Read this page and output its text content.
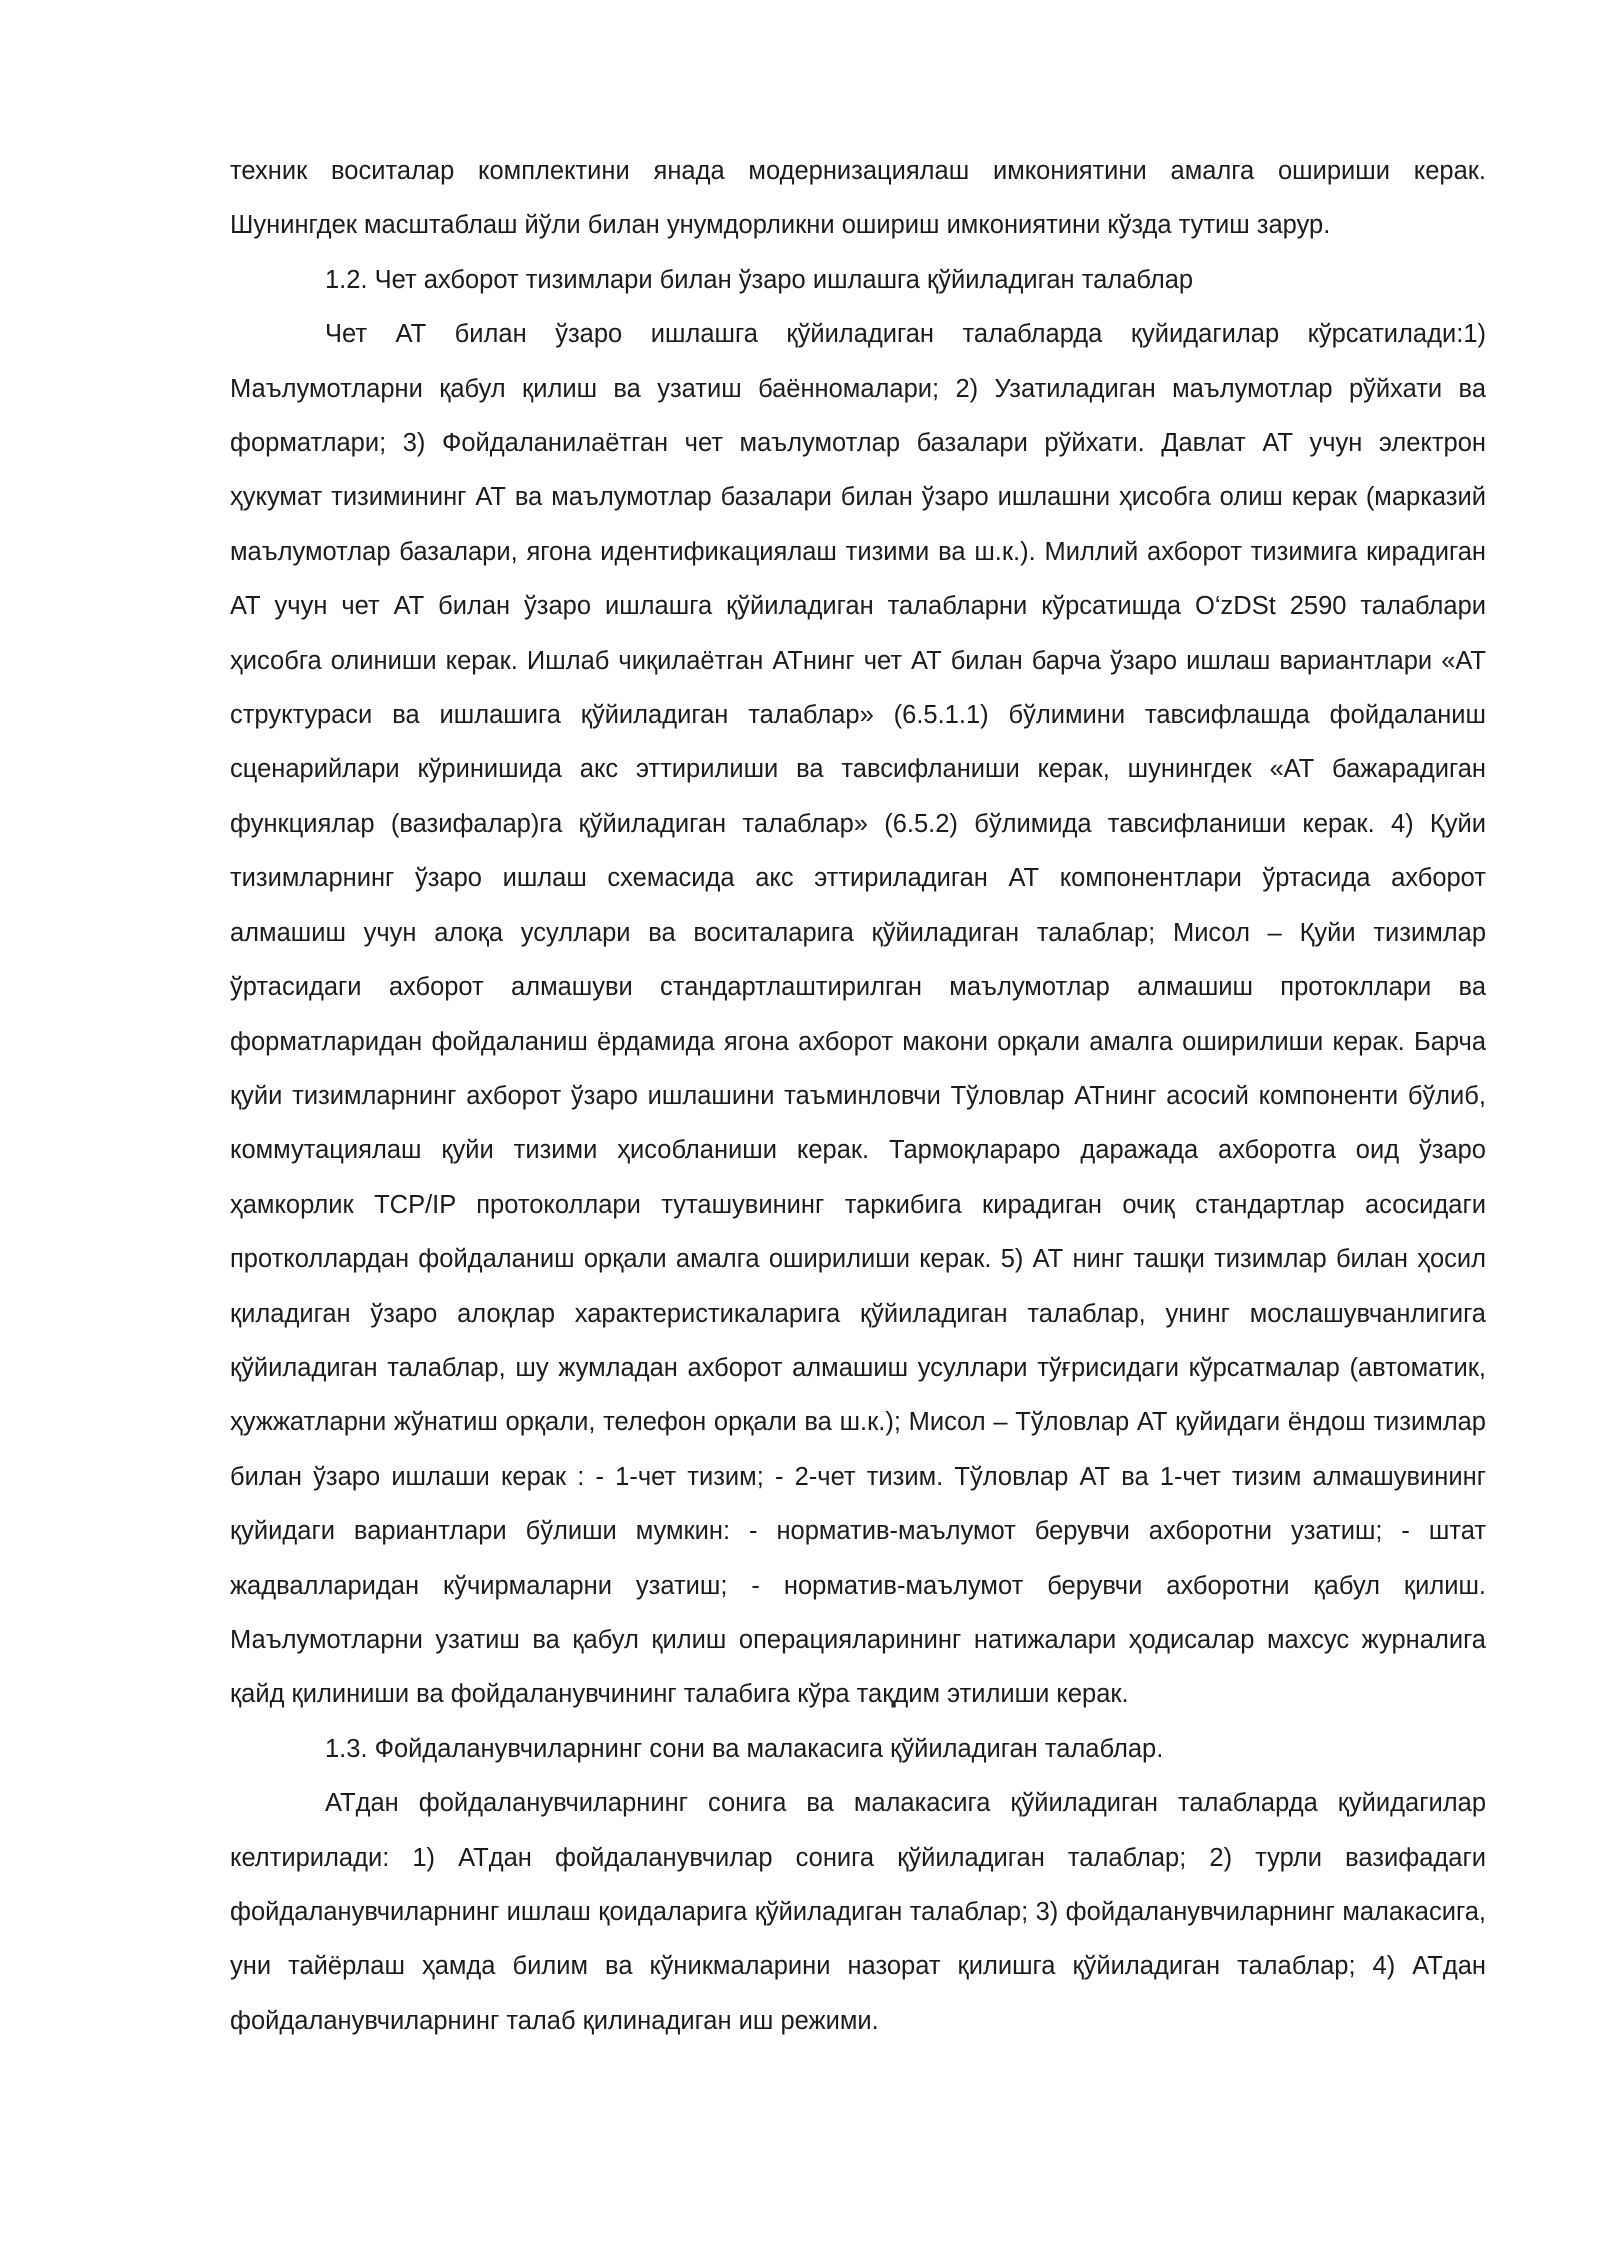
техник воситалар комплектини янада модернизациялаш имкониятини амалга ошириши керак. Шунингдек масштаблаш йўли билан унумдорликни ошириш имкониятини кўзда тутиш зарур.

1.2. Чет ахборот тизимлари билан ўзаро ишлашга қўйиладиган талаблар

Чет АТ билан ўзаро ишлашга қўйиладиган талабларда қуйидагилар кўрсатилади:1) Маълумотларни қабул қилиш ва узатиш баённомалари; 2) Узатиладиган маълумотлар рўйхати ва форматлари; 3) Фойдаланилаётган чет маълумотлар базалари рўйхати. Давлат АТ учун электрон ҳукумат тизимининг АТ ва маълумотлар базалари билан ўзаро ишлашни ҳисобга олиш керак (марказий маълумотлар базалари, ягона идентификациялаш тизими ва ш.к.). Миллий ахборот тизимига кирадиган АТ учун чет АТ билан ўзаро ишлашга қўйиладиган талабларни кўрсатишда O‘zDSt 2590 талаблари ҳисобга олиниши керак. Ишлаб чиқилаётган АТнинг чет АТ билан барча ўзаро ишлаш вариантлари «АТ структураси ва ишлашига қўйиладиган талаблар» (6.5.1.1) бўлимини тавсифлашда фойдаланиш сценарийлари кўринишида акс эттирилиши ва тавсифланиши керак, шунингдек «АТ бажарадиган функциялар (вазифалар)га қўйиладиган талаблар» (6.5.2) бўлимида тавсифланиши керак. 4) Қуйи тизимларнинг ўзаро ишлаш схемасида акс эттириладиган АТ компонентлари ўртасида ахборот алмашиш учун алоқа усуллари ва воситаларига қўйиладиган талаблар; Мисол – Қуйи тизимлар ўртасидаги ахборот алмашуви стандартлаштирилган маълумотлар алмашиш протокллари ва форматларидан фойдаланиш ёрдамида ягона ахборот макони орқали амалга оширилиши керак. Барча қуйи тизимларнинг ахборот ўзаро ишлашини таъминловчи Тўловлар АТнинг асосий компоненти бўлиб, коммутациялаш қуйи тизими ҳисобланиши керак. Тармоқлараро даражада ахборотга оид ўзаро ҳамкорлик TCP/IP протоколлари туташувининг таркибига кирадиган очиқ стандартлар асосидаги протколлардан фойдаланиш орқали амалга оширилиши керак. 5) АТ нинг ташқи тизимлар билан ҳосил қиладиган ўзаро алоқлар характеристикаларига қўйиладиган талаблар, унинг мослашувчанлигига қўйиладиган талаблар, шу жумладан ахборот алмашиш усуллари тўғрисидаги кўрсатмалар (автоматик, ҳужжатларни жўнатиш орқали, телефон орқали ва ш.к.); Мисол – Тўловлар АТ қуйидаги ёндош тизимлар билан ўзаро ишлаши керак : - 1-чет тизим; - 2-чет тизим. Тўловлар АТ ва 1-чет тизим алмашувининг қуйидаги вариантлари бўлиши мумкин: - норматив-маълумот берувчи ахборотни узатиш; - штат жадвалларидан кўчирмаларни узатиш; - норматив-маълумот берувчи ахборотни қабул қилиш. Маълумотларни узатиш ва қабул қилиш операцияларининг натижалари ҳодисалар махсус журналига қайд қилиниши ва фойдаланувчининг талабига кўра тақдим этилиши керак.

1.3. Фойдаланувчиларнинг сони ва малакасига қўйиладиган талаблар.

АТдан фойдаланувчиларнинг сонига ва малакасига қўйиладиган талабларда қуйидагилар келтирилади: 1) АТдан фойдаланувчилар сонига қўйиладиган талаблар; 2) турли вазифадаги фойдаланувчиларнинг ишлаш қоидаларига қўйиладиган талаблар; 3) фойдаланувчиларнинг малакасига, уни тайёрлаш ҳамда билим ва кўникмаларини назорат қилишга қўйиладиган талаблар; 4) АТдан фойдаланувчиларнинг талаб қилинадиган иш режими.
